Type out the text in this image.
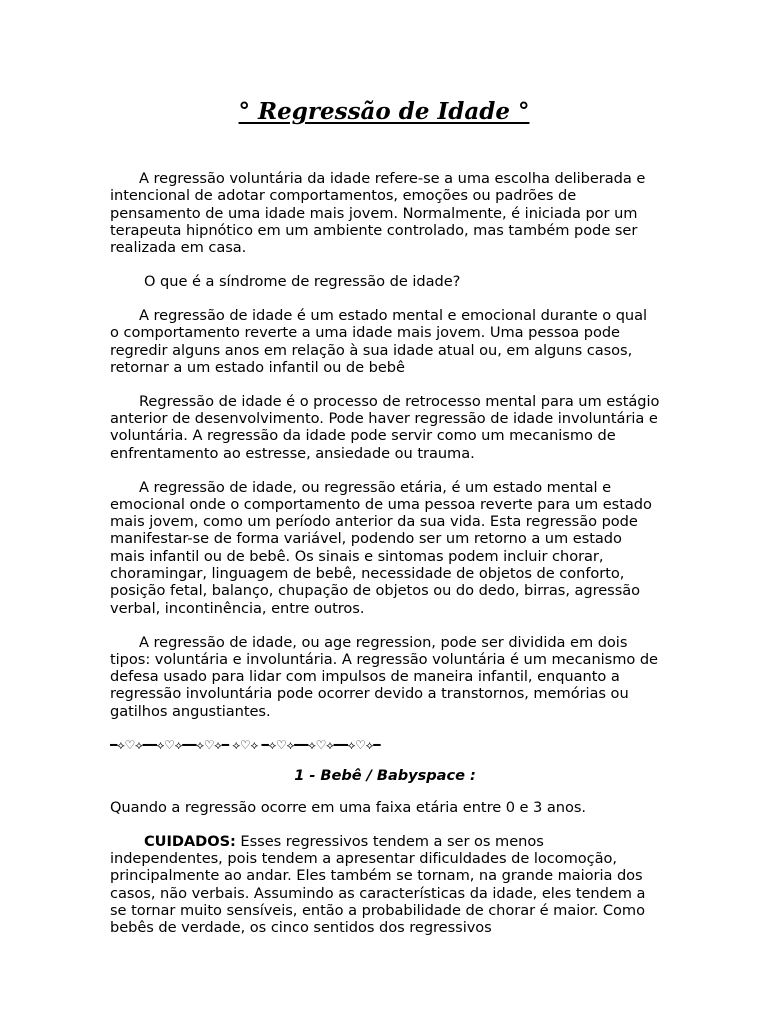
° Regressão de Idade °

A regressão voluntária da idade refere-se a uma escolha deliberada e intencional de adotar comportamentos, emoções ou padrões de pensamento de uma idade mais jovem. Normalmente, é iniciada por um terapeuta hipnótico em um ambiente controlado, mas também pode ser realizada em casa.

O que é a síndrome de regressão de idade?

A regressão de idade é um estado mental e emocional durante o qual o comportamento reverte a uma idade mais jovem. Uma pessoa pode regredir alguns anos em relação à sua idade atual ou, em alguns casos, retornar a um estado infantil ou de bebê

Regressão de idade é o processo de retrocesso mental para um estágio anterior de desenvolvimento. Pode haver regressão de idade involuntária e voluntária. A regressão da idade pode servir como um mecanismo de enfrentamento ao estresse, ansiedade ou trauma.

A regressão de idade, ou regressão etária, é um estado mental e emocional onde o comportamento de uma pessoa reverte para um estado mais jovem, como um período anterior da sua vida. Esta regressão pode manifestar-se de forma variável, podendo ser um retorno a um estado mais infantil ou de bebê. Os sinais e sintomas podem incluir chorar, choramingar, linguagem de bebê, necessidade de objetos de conforto, posição fetal, balanço, chupação de objetos ou do dedo, birras, agressão verbal, incontinência, entre outros.

A regressão de idade, ou age regression, pode ser dividida em dois tipos: voluntária e involuntária. A regressão voluntária é um mecanismo de defesa usado para lidar com impulsos de maneira infantil, enquanto a regressão involuntária pode ocorrer devido a transtornos, memórias ou gatilhos angustiantes.

━⟡♡⟡━━⟡♡⟡━━⟡♡⟡━ ⟡♡⟡ ━⟡♡⟡━━⟡♡⟡━━⟡♡⟡━

1 - Bebê / Babyspace :

Quando a regressão ocorre em uma faixa etária entre 0 e 3 anos.

CUIDADOS: Esses regressivos tendem a ser os menos independentes, pois tendem a apresentar dificuldades de locomoção, principalmente ao andar. Eles também se tornam, na grande maioria dos casos, não verbais. Assumindo as características da idade, eles tendem a se tornar muito sensíveis, então a probabilidade de chorar é maior. Como bebês de verdade, os cinco sentidos dos regressivos
